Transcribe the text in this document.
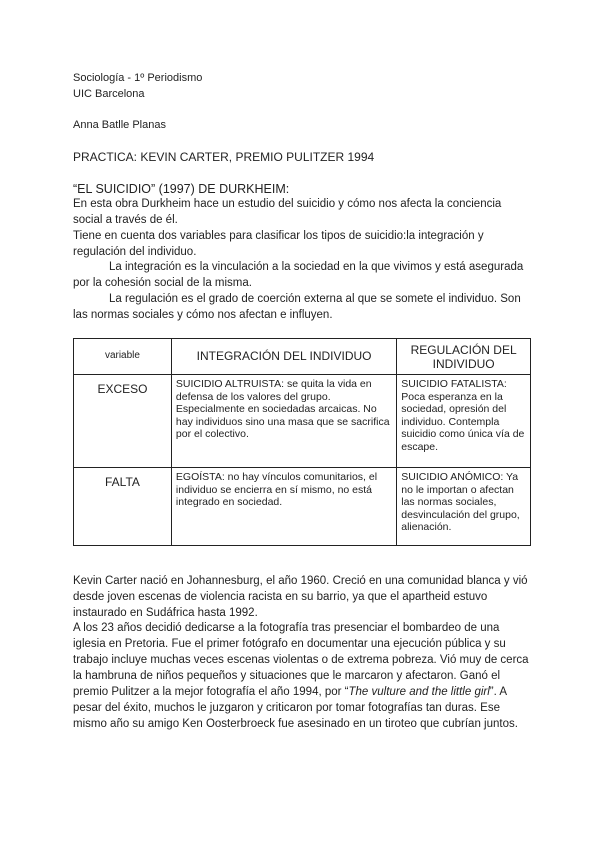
Sociología - 1º Periodismo
UIC Barcelona
Anna Batlle Planas
PRACTICA: KEVIN CARTER, PREMIO PULITZER 1994
“EL SUICIDIO” (1997) DE DURKHEIM:
En esta obra Durkheim hace un estudio del suicidio y cómo nos afecta la conciencia social a través de él.
Tiene en cuenta dos variables para clasificar los tipos de suicidio:la integración y regulación del individuo.
La integración es la vinculación a la sociedad en la que vivimos y está asegurada por la cohesión social de la misma.
La regulación es el grado de coerción externa al que se somete el individuo. Son las normas sociales y cómo nos afectan e influyen.
variable	INTEGRACIÓN DEL INDIVIDUO	REGULACIÓN DEL INDIVIDUO
EXCESO	SUICIDIO ALTRUISTA: se quita la vida en defensa de los valores del grupo. Especialmente en sociedadas arcaicas. No hay individuos sino una masa que se sacrifica por el colectivo.	SUICIDIO FATALISTA: Poca esperanza en la sociedad, opresión del individuo. Contempla suicidio como única vía de escape.
FALTA	EGOÍSTA: no hay vínculos comunitarios, el individuo se encierra en sí mismo, no está integrado en sociedad.	SUICIDIO ANÓMICO: Ya no le importan o afectan las normas sociales, desvinculación del grupo, alienación.
Kevin Carter nació en Johannesburg, el año 1960. Creció en una comunidad blanca y vió desde joven escenas de violencia racista en su barrio, ya que el apartheid estuvo instaurado en Sudáfrica hasta 1992.
A los 23 años decidió dedicarse a la fotografía tras presenciar el bombardeo de una iglesia en Pretoria. Fue el primer fotógrafo en documentar una ejecución pública y su trabajo incluye muchas veces escenas violentas o de extrema pobreza. Vió muy de cerca la hambruna de niños pequeños y situaciones que le marcaron y afectaron. Ganó el premio Pulitzer a la mejor fotografía el año 1994, por “The vulture and the little girl”. A pesar del éxito, muchos le juzgaron y criticaron por tomar fotografías tan duras. Ese mismo año su amigo Ken Oosterbroeck fue asesinado en un tiroteo que cubrían juntos.
